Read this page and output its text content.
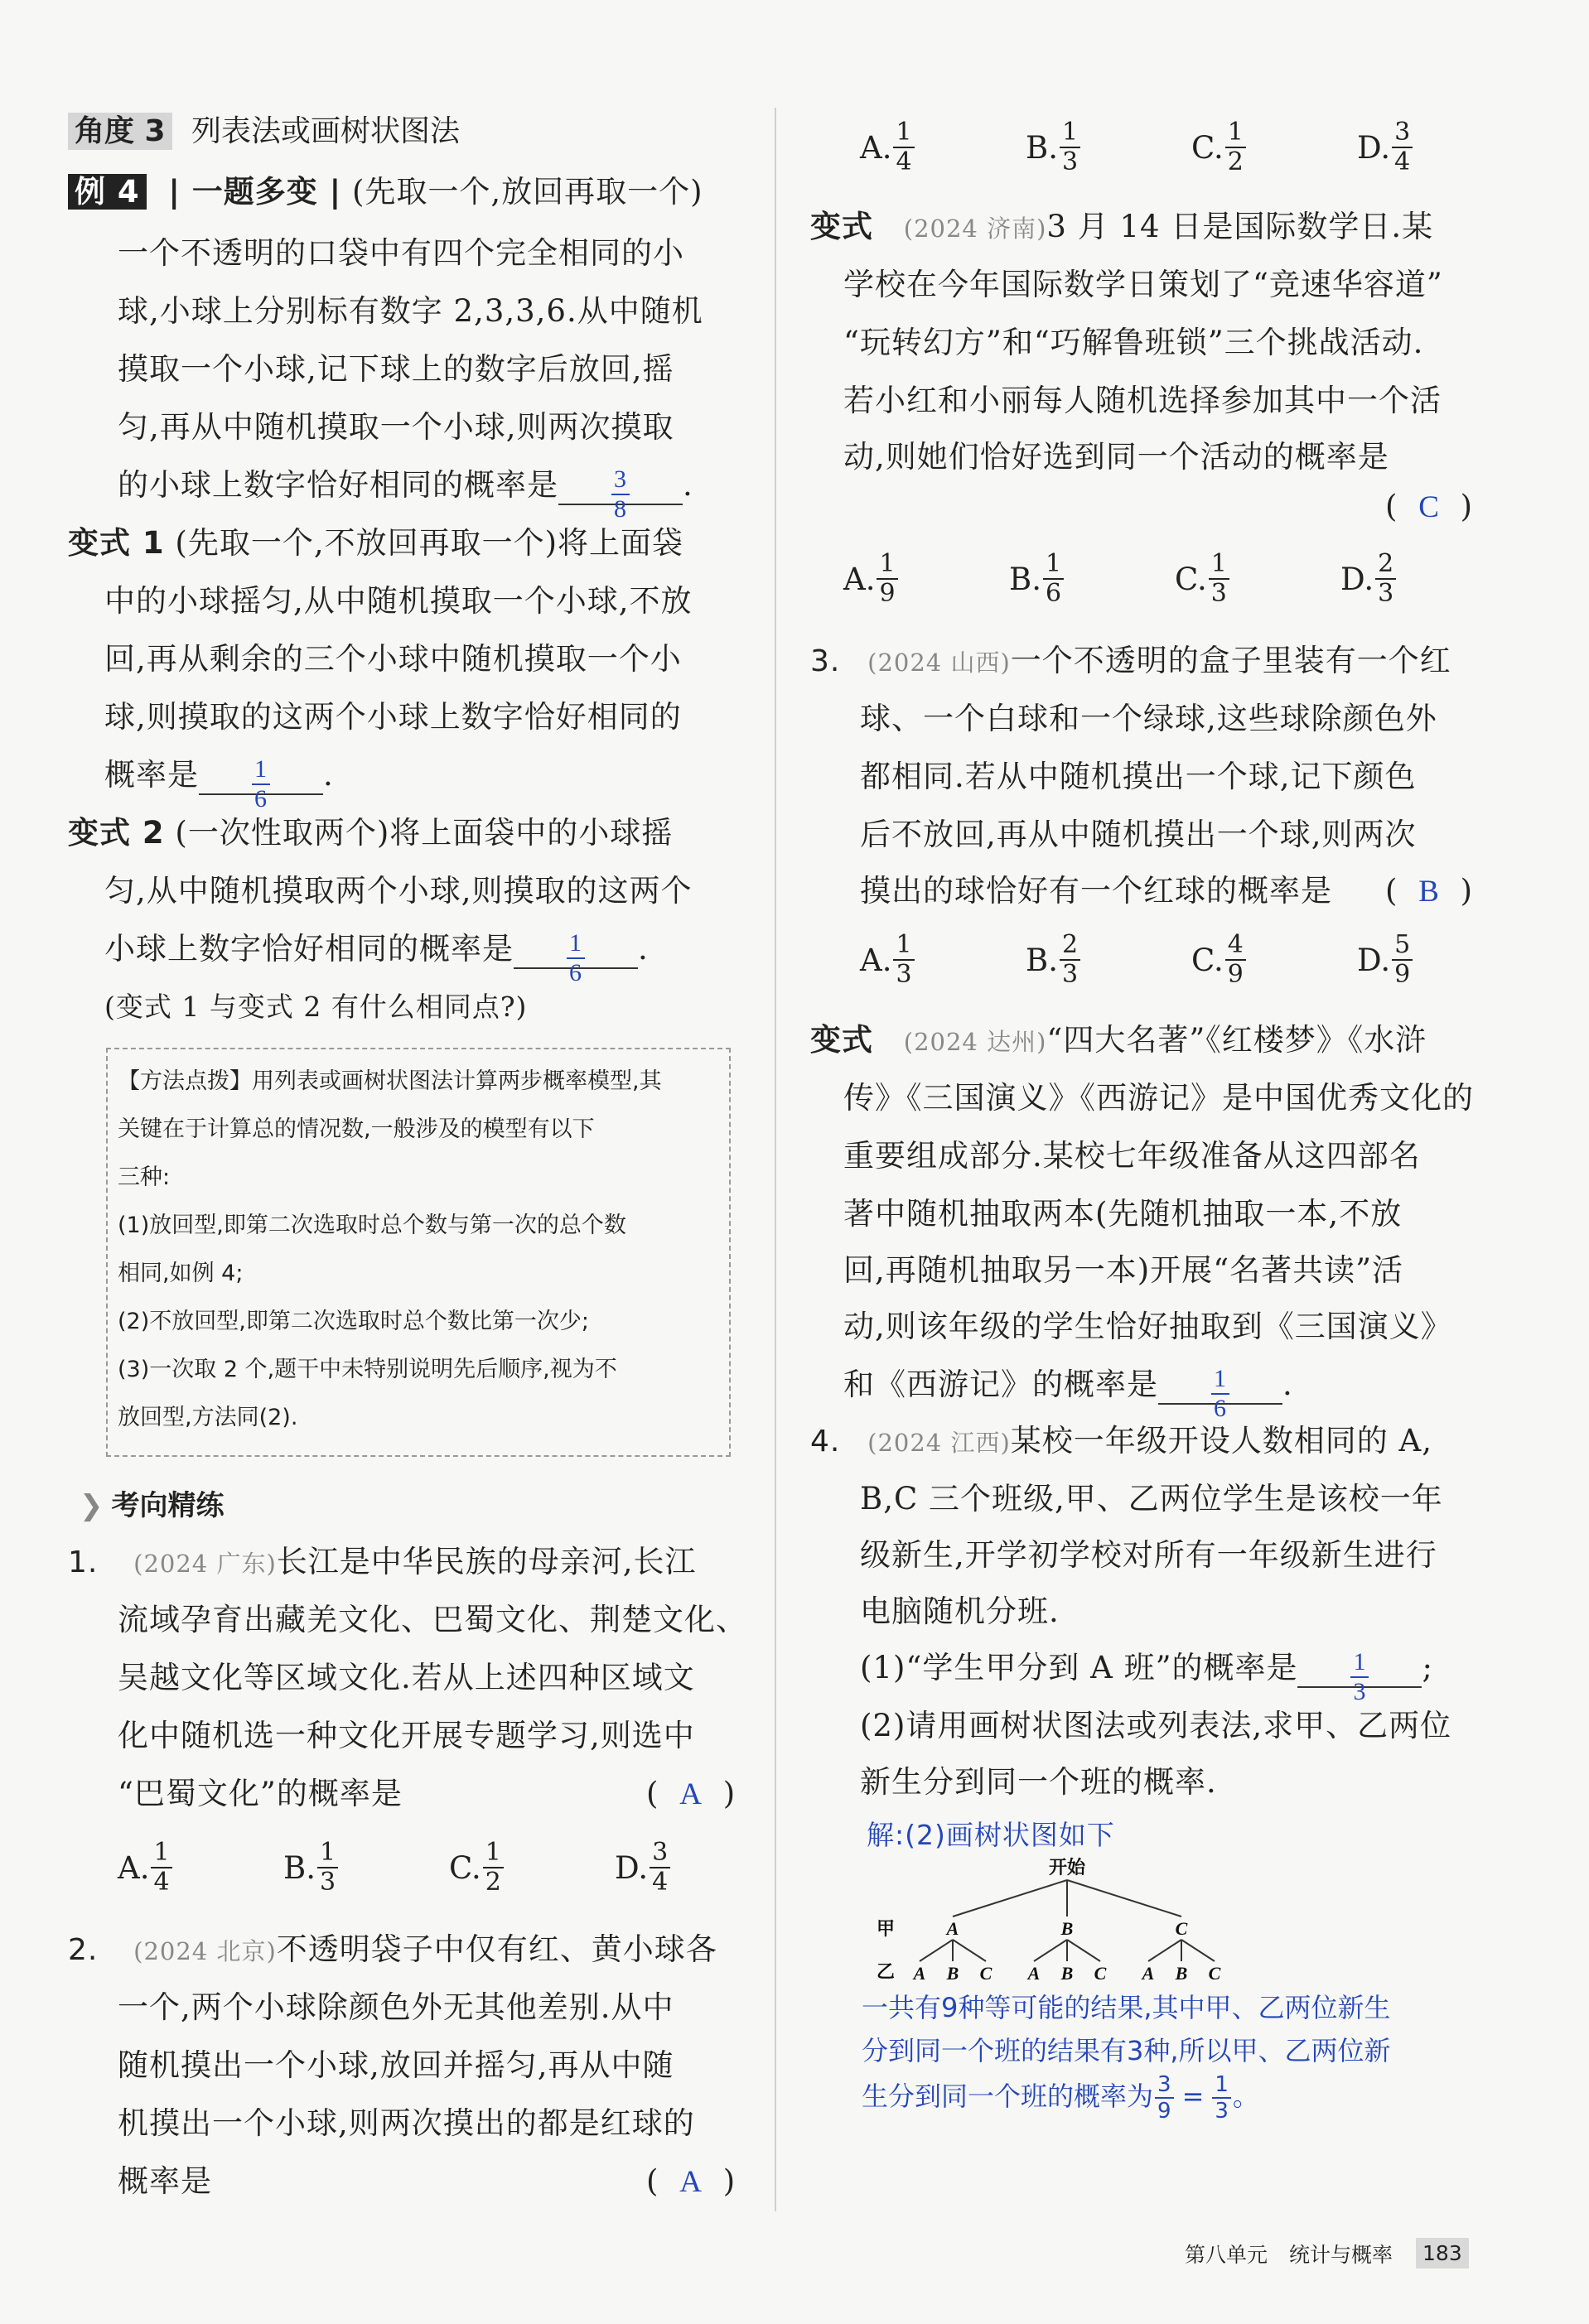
角度 3 列表法或画树状图法
例 4 | 一题多变 | (先取一个,放回再取一个)
一个不透明的口袋中有四个完全相同的小
球,小球上分别标有数字 2,3,3,6.从中随机
摸取一个小球,记下球上的数字后放回,摇
匀,再从中随机摸取一个小球,则两次摸取
的小球上数字恰好相同的概率是 $\frac{3}{8}$ .
变式 1 (先取一个,不放回再取一个)将上面袋
中的小球摇匀,从中随机摸取一个小球,不放
回,再从剩余的三个小球中随机摸取一个小
球,则摸取的这两个小球上数字恰好相同的
概率是 $\frac{1}{6}$ .
变式 2 (一次性取两个)将上面袋中的小球摇
匀,从中随机摸取两个小球,则摸取的这两个
小球上数字恰好相同的概率是 $\frac{1}{6}$ .
(变式 1 与变式 2 有什么相同点?)
【方法点拨】用列表或画树状图法计算两步概率模型,其
关键在于计算总的情况数,一般涉及的模型有以下
三种:
(1)放回型,即第二次选取时总个数与第一次的总个数
相同,如例 4;
(2)不放回型,即第二次选取时总个数比第一次少;
(3)一次取 2 个,题干中未特别说明先后顺序,视为不
放回型,方法同(2).
❯ 考向精练
1. (2024 广东)长江是中华民族的母亲河,长江
流域孕育出藏羌文化、巴蜀文化、荆楚文化、
吴越文化等区域文化.若从上述四种区域文
化中随机选一种文化开展专题学习,则选中
“巴蜀文化”的概率是	( A )
A. $\frac{1}{4}$	B. $\frac{1}{3}$	C. $\frac{1}{2}$	D. $\frac{3}{4}$
2. (2024 北京)不透明袋子中仅有红、黄小球各
一个,两个小球除颜色外无其他差别.从中
随机摸出一个小球,放回并摇匀,再从中随
机摸出一个小球,则两次摸出的都是红球的
概率是	( A )
A. $\frac{1}{4}$	B. $\frac{1}{3}$	C. $\frac{1}{2}$	D. $\frac{3}{4}$
变式 (2024 济南)3 月 14 日是国际数学日.某
学校在今年国际数学日策划了“竞速华容道”
“玩转幻方”和“巧解鲁班锁”三个挑战活动.
若小红和小丽每人随机选择参加其中一个活
动,则她们恰好选到同一个活动的概率是
( C )
A. $\frac{1}{9}$	B. $\frac{1}{6}$	C. $\frac{1}{3}$	D. $\frac{2}{3}$
3. (2024 山西)一个不透明的盒子里装有一个红
球、一个白球和一个绿球,这些球除颜色外
都相同.若从中随机摸出一个球,记下颜色
后不放回,再从中随机摸出一个球,则两次
摸出的球恰好有一个红球的概率是 ( B )
A. $\frac{1}{3}$	B. $\frac{2}{3}$	C. $\frac{4}{9}$	D. $\frac{5}{9}$
变式 (2024 达州)“四大名著”《红楼梦》《水浒
传》《三国演义》《西游记》是中国优秀文化的
重要组成部分.某校七年级准备从这四部名
著中随机抽取两本(先随机抽取一本,不放
回,再随机抽取另一本)开展“名著共读”活
动,则该年级的学生恰好抽取到《三国演义》
和《西游记》的概率是 $\frac{1}{6}$ .
4. (2024 江西)某校一年级开设人数相同的 A,
B,C 三个班级,甲、乙两位学生是该校一年
级新生,开学初学校对所有一年级新生进行
电脑随机分班.
(1)“学生甲分到 A 班”的概率是 $\frac{1}{3}$ ;
(2)请用画树状图法或列表法,求甲、乙两位
新生分到同一个班的概率.
解:(2)画树状图如下
开始
甲
乙
A	B	C
A B C A B C A B C
一共有9种等可能的结果,其中甲、乙两位新生
分到同一个班的结果有3种,所以甲、乙两位新
生分到同一个班的概率为 $\frac{3}{9} = \frac{1}{3}$ 。
第八单元 统计与概率	183
